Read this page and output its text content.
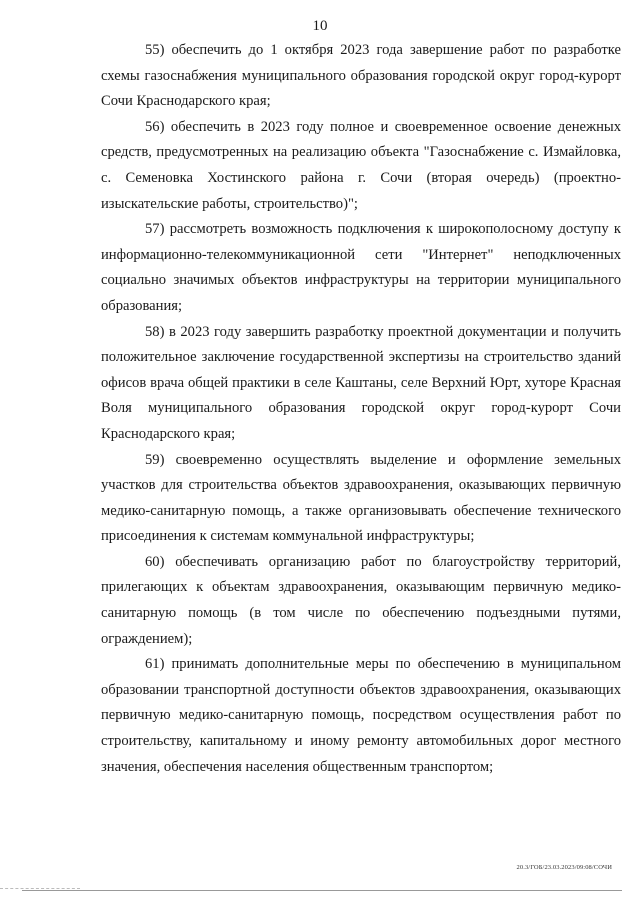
10

55) обеспечить до 1 октября 2023 года завершение работ по разработке схемы газоснабжения муниципального образования городской округ город-курорт Сочи Краснодарского края;

56) обеспечить в 2023 году полное и своевременное освоение денежных средств, предусмотренных на реализацию объекта "Газоснабжение с. Измайловка, с. Семеновка Хостинского района г. Сочи (вторая очередь) (проектно-изыскательские работы, строительство)";

57) рассмотреть возможность подключения к широкополосному доступу к информационно-телекоммуникационной сети "Интернет" неподключенных социально значимых объектов инфраструктуры на территории муниципального образования;

58) в 2023 году завершить разработку проектной документации и получить положительное заключение государственной экспертизы на строительство зданий офисов врача общей практики в селе Каштаны, селе Верхний Юрт, хуторе Красная Воля муниципального образования городской округ город-курорт Сочи Краснодарского края;

59) своевременно осуществлять выделение и оформление земельных участков для строительства объектов здравоохранения, оказывающих первичную медико-санитарную помощь, а также организовывать обеспечение технического присоединения к системам коммунальной инфраструктуры;

60) обеспечивать организацию работ по благоустройству территорий, прилегающих к объектам здравоохранения, оказывающим первичную медико-санитарную помощь (в том числе по обеспечению подъездными путями, ограждением);

61) принимать дополнительные меры по обеспечению в муниципальном образовании транспортной доступности объектов здравоохранения, оказывающих первичную медико-санитарную помощь, посредством осуществления работ по строительству, капитальному и иному ремонту автомобильных дорог местного значения, обеспечения населения общественным транспортом;

20.3/ГОБ/23.03.2023/09:08/СОЧИ
